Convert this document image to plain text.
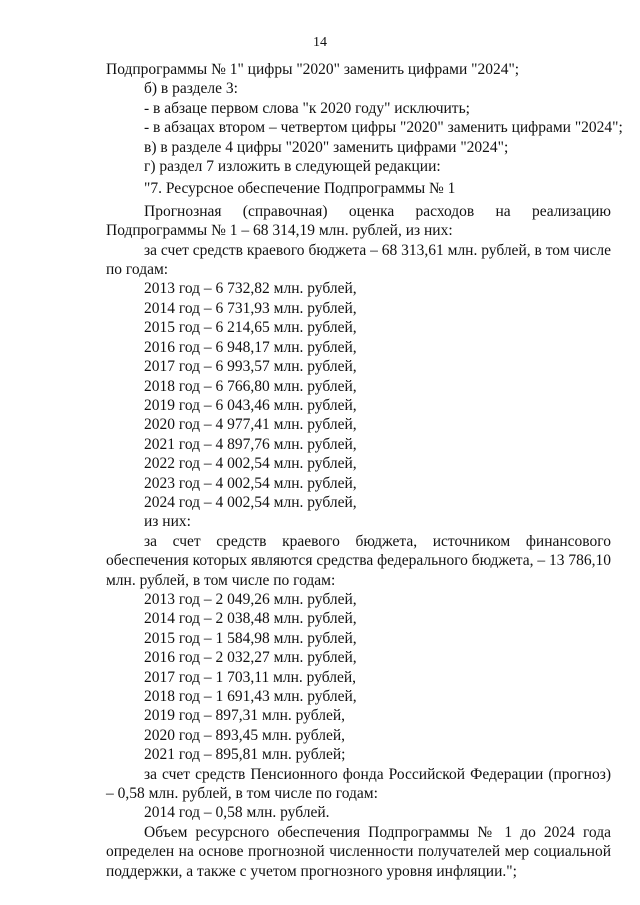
14
Подпрограммы № 1" цифры "2020" заменить цифрами "2024";
б) в разделе 3:
- в абзаце первом слова "к 2020 году" исключить;
- в абзацах втором – четвертом цифры "2020" заменить цифрами "2024";
в) в разделе 4 цифры "2020" заменить цифрами "2024";
г) раздел 7 изложить в следующей редакции:
"7. Ресурсное обеспечение Подпрограммы № 1
Прогнозная (справочная) оценка расходов на реализацию Подпрограммы № 1 – 68 314,19 млн. рублей, из них:
за счет средств краевого бюджета – 68 313,61 млн. рублей, в том числе по годам:
2013 год – 6 732,82 млн. рублей,
2014 год – 6 731,93 млн. рублей,
2015 год – 6 214,65 млн. рублей,
2016 год – 6 948,17 млн. рублей,
2017 год – 6 993,57 млн. рублей,
2018 год – 6 766,80 млн. рублей,
2019 год – 6 043,46 млн. рублей,
2020 год – 4 977,41 млн. рублей,
2021 год – 4 897,76 млн. рублей,
2022 год – 4 002,54 млн. рублей,
2023 год – 4 002,54 млн. рублей,
2024 год – 4 002,54 млн. рублей,
из них:
за счет средств краевого бюджета, источником финансового обеспечения которых являются средства федерального бюджета, – 13 786,10 млн. рублей, в том числе по годам:
2013 год – 2 049,26 млн. рублей,
2014 год – 2 038,48 млн. рублей,
2015 год – 1 584,98 млн. рублей,
2016 год – 2 032,27 млн. рублей,
2017 год – 1 703,11 млн. рублей,
2018 год – 1 691,43 млн. рублей,
2019 год – 897,31 млн. рублей,
2020 год – 893,45 млн. рублей,
2021 год – 895,81 млн. рублей;
за счет средств Пенсионного фонда Российской Федерации (прогноз) – 0,58 млн. рублей, в том числе по годам:
2014 год – 0,58 млн. рублей.
Объем ресурсного обеспечения Подпрограммы № 1 до 2024 года определен на основе прогнозной численности получателей мер социальной поддержки, а также с учетом прогнозного уровня инфляции.";
